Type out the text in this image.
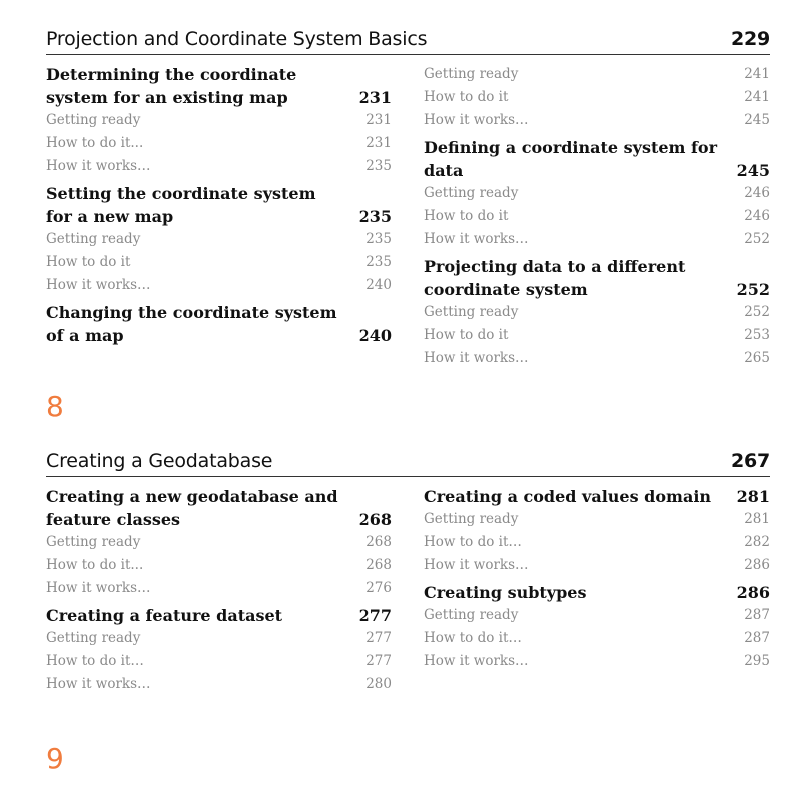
Projection and Coordinate System Basics	229
Determining the coordinate system for an existing map	231
Getting ready	231
How to do it...	231
How it works…	235
Setting the coordinate system for a new map	235
Getting ready	235
How to do it	235
How it works…	240
Changing the coordinate system of a map	240
Getting ready	241
How to do it	241
How it works…	245
Defining a coordinate system for data	245
Getting ready	246
How to do it	246
How it works…	252
Projecting data to a different coordinate system	252
Getting ready	252
How to do it	253
How it works…	265
8
Creating a Geodatabase	267
Creating a new geodatabase and feature classes	268
Getting ready	268
How to do it...	268
How it works…	276
Creating a feature dataset	277
Getting ready	277
How to do it…	277
How it works…	280
Creating a coded values domain 281
Getting ready	281
How to do it…	282
How it works…	286
Creating subtypes	286
Getting ready	287
How to do it…	287
How it works…	295
9
